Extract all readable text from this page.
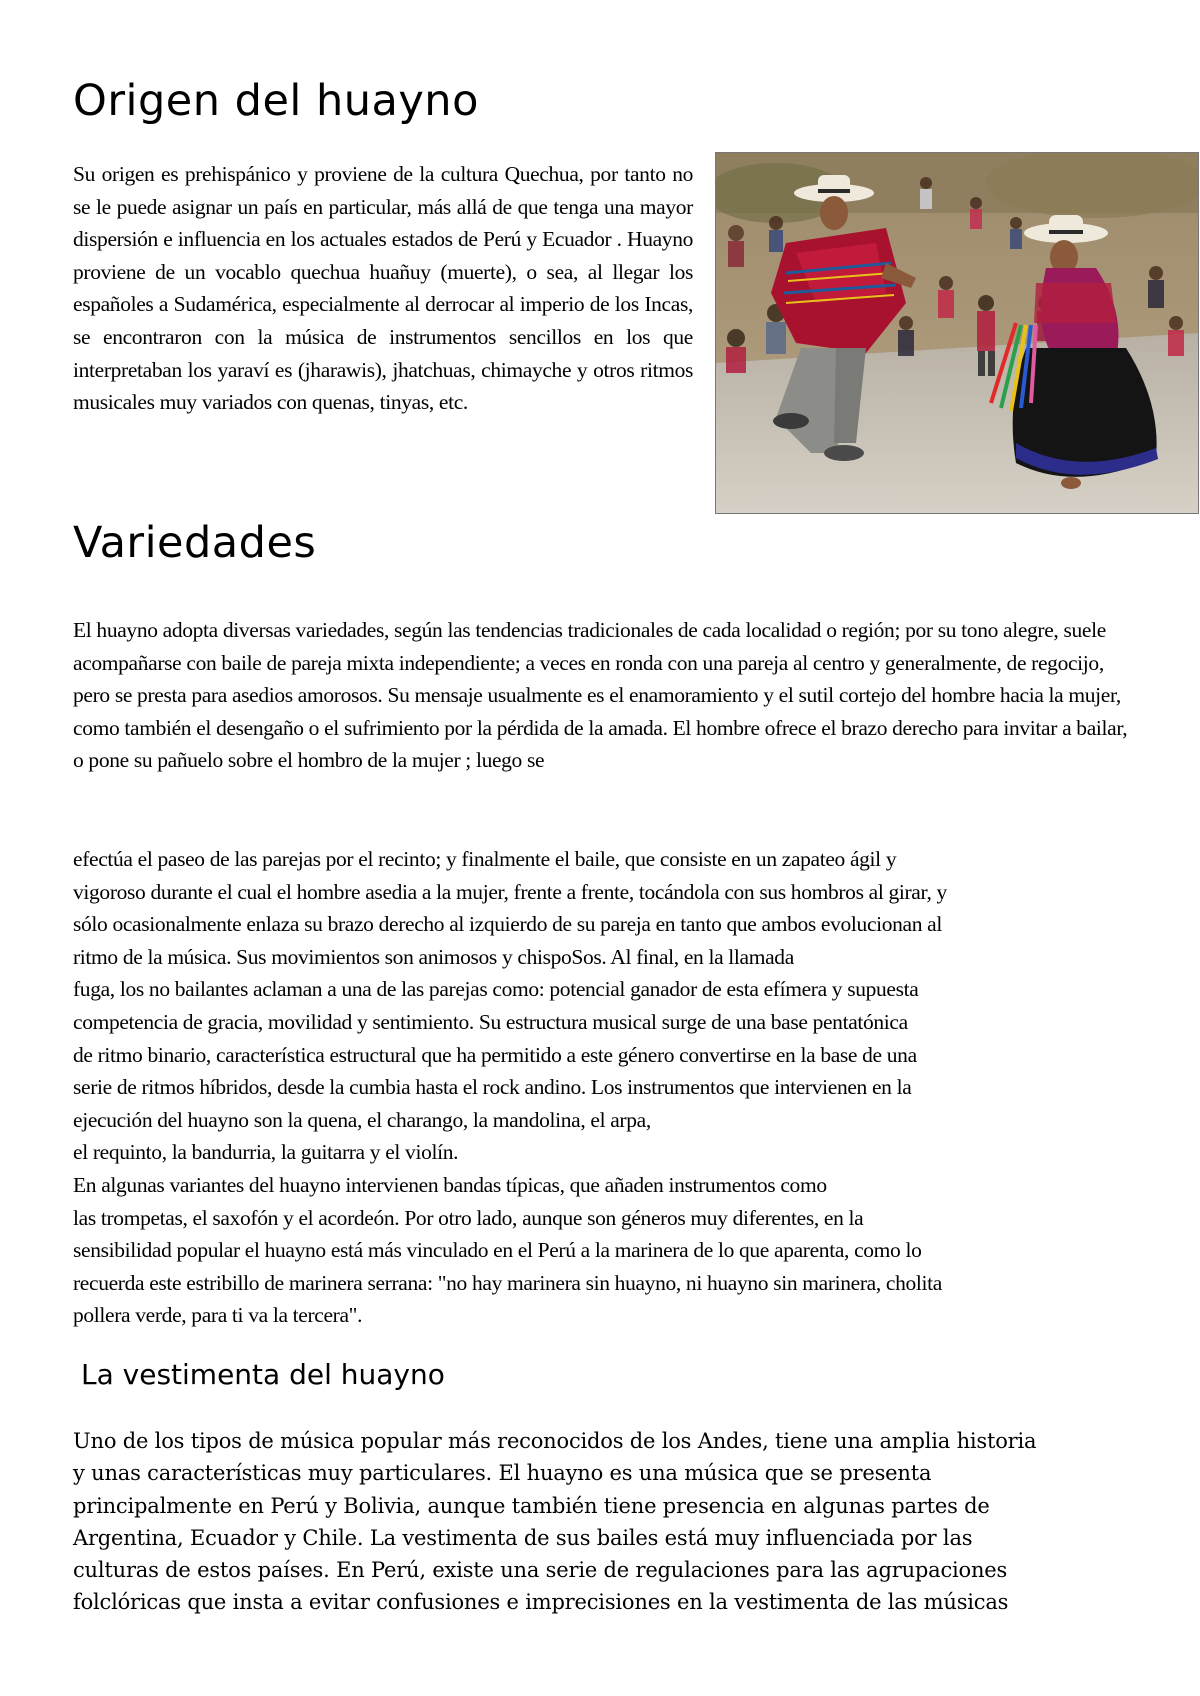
Origen del huayno

Su origen es prehispánico y proviene de la cultura Quechua, por tanto no se le puede asignar un país en particular, más allá de que tenga una mayor dispersión e influencia en los actuales estados de Perú y Ecuador . Huayno proviene de un vocablo quechua huañuy (muerte), o sea, al llegar los españoles a Sudamérica, especialmente al derrocar al imperio de los Incas, se encontraron con la música de instrumentos sencillos en los que interpretaban los yaraví es (jharawis), jhatchuas, chimayche y otros ritmos musicales muy variados con quenas, tinyas, etc.

Variedades

El huayno adopta diversas variedades, según las tendencias tradicionales de cada localidad o región; por su tono alegre, suele acompañarse con baile de pareja mixta independiente; a veces en ronda con una pareja al centro y generalmente, de regocijo, pero se presta para asedios amorosos. Su mensaje usualmente es el enamoramiento y el sutil cortejo del hombre hacia la mujer, como también el desengaño o el sufrimiento por la pérdida de la amada. El hombre ofrece el brazo derecho para invitar a bailar, o pone su pañuelo sobre el hombro de la mujer ; luego se

efectúa el paseo de las parejas por el recinto; y finalmente el baile, que consiste en un zapateo ágil y
vigoroso durante el cual el hombre asedia a la mujer, frente a frente, tocándola con sus hombros al girar, y
sólo ocasionalmente enlaza su brazo derecho al izquierdo de su pareja en tanto que ambos evolucionan al
ritmo de la música. Sus movimientos son animosos y chispoSos. Al final, en la llamada
fuga, los no bailantes aclaman a una de las parejas como: potencial ganador de esta efímera y supuesta
competencia de gracia, movilidad y sentimiento. Su estructura musical surge de una base pentatónica
de ritmo binario, característica estructural que ha permitido a este género convertirse en la base de una
serie de ritmos híbridos, desde la cumbia hasta el rock andino. Los instrumentos que intervienen en la
ejecución del huayno son la quena, el charango, la mandolina, el arpa,
el requinto, la bandurria, la guitarra y el violín.
En algunas variantes del huayno intervienen bandas típicas, que añaden instrumentos como
las trompetas, el saxofón y el acordeón. Por otro lado, aunque son géneros muy diferentes, en la
sensibilidad popular el huayno está más vinculado en el Perú a la marinera de lo que aparenta, como lo
recuerda este estribillo de marinera serrana: "no hay marinera sin huayno, ni huayno sin marinera, cholita
pollera verde, para ti va la tercera".
La vestimenta del huayno
Uno de los tipos de música popular más reconocidos de los Andes, tiene una amplia historia
y unas características muy particulares. El huayno es una música que se presenta
principalmente en Perú y Bolivia, aunque también tiene presencia en algunas partes de
Argentina, Ecuador y Chile. La vestimenta de sus bailes está muy influenciada por las
culturas de estos países. En Perú, existe una serie de regulaciones para las agrupaciones
folclóricas que insta a evitar confusiones e imprecisiones en la vestimenta de las músicas
